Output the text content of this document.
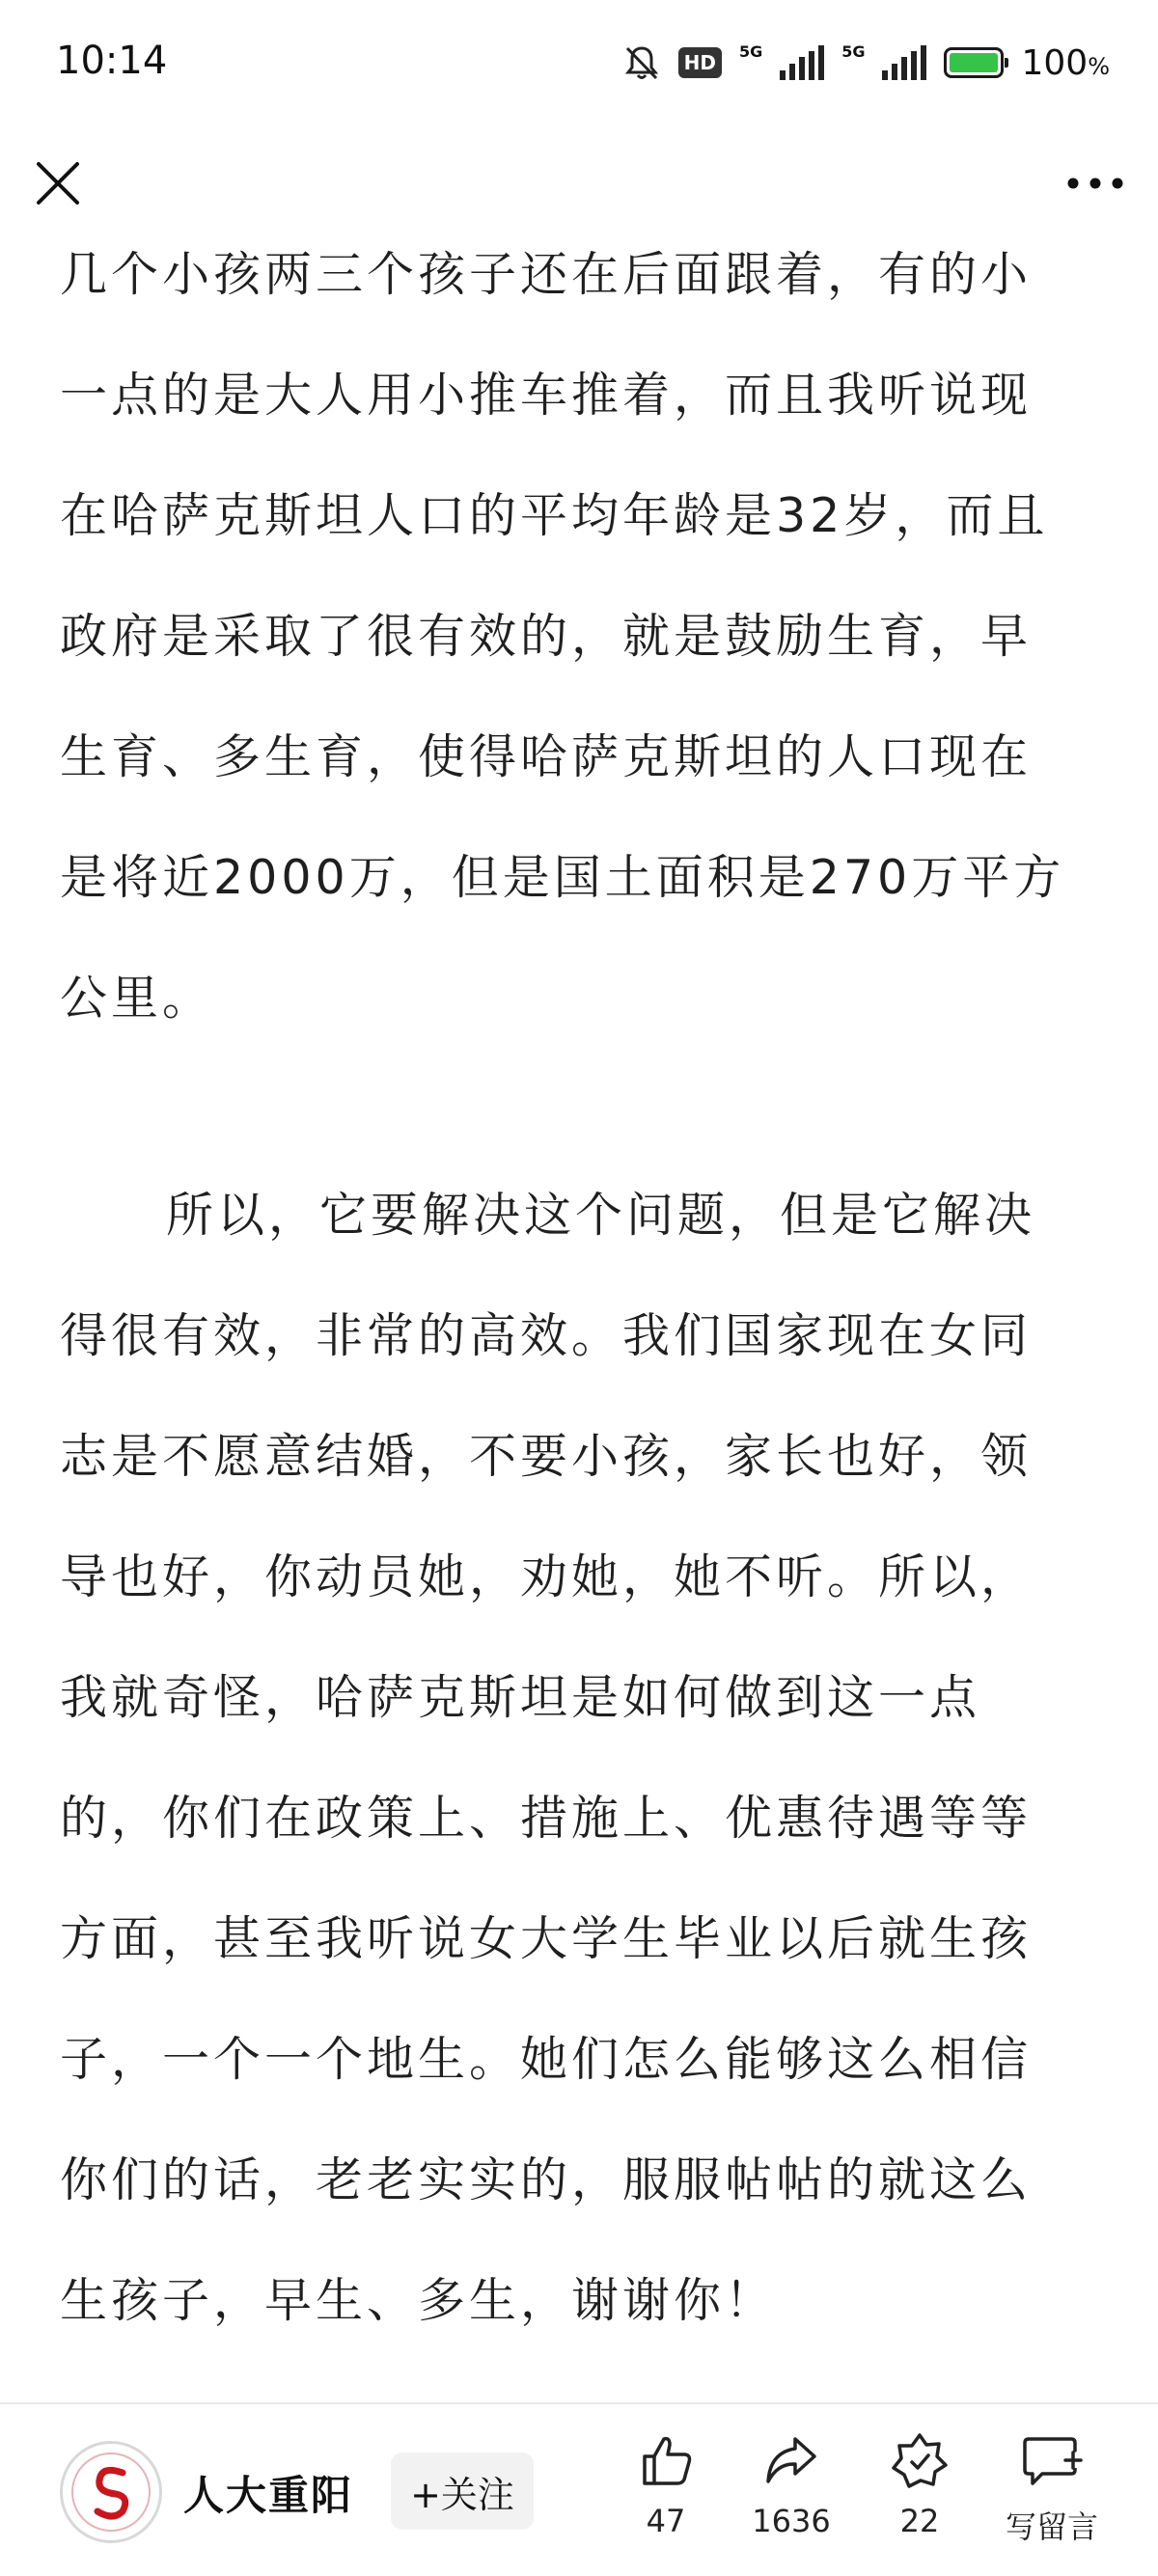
10:14	HD	5G	5G	100%

几个小孩两三个孩子还在后面跟着，有的小
一点的是大人用小推车推着，而且我听说现
在哈萨克斯坦人口的平均年龄是32岁，而且
政府是采取了很有效的，就是鼓励生育，早
生育、多生育，使得哈萨克斯坦的人口现在
是将近2000万，但是国土面积是270万平方
公里。

所以，它要解决这个问题，但是它解决
得很有效，非常的高效。我们国家现在女同
志是不愿意结婚，不要小孩，家长也好，领
导也好，你动员她，劝她，她不听。所以，
我就奇怪，哈萨克斯坦是如何做到这一点
的，你们在政策上、措施上、优惠待遇等等
方面，甚至我听说女大学生毕业以后就生孩
子，一个一个地生。她们怎么能够这么相信
你们的话，老老实实的，服服帖帖的就这么
生孩子，早生、多生，谢谢你！

人大重阳	+关注
47	1636	22	写留言
